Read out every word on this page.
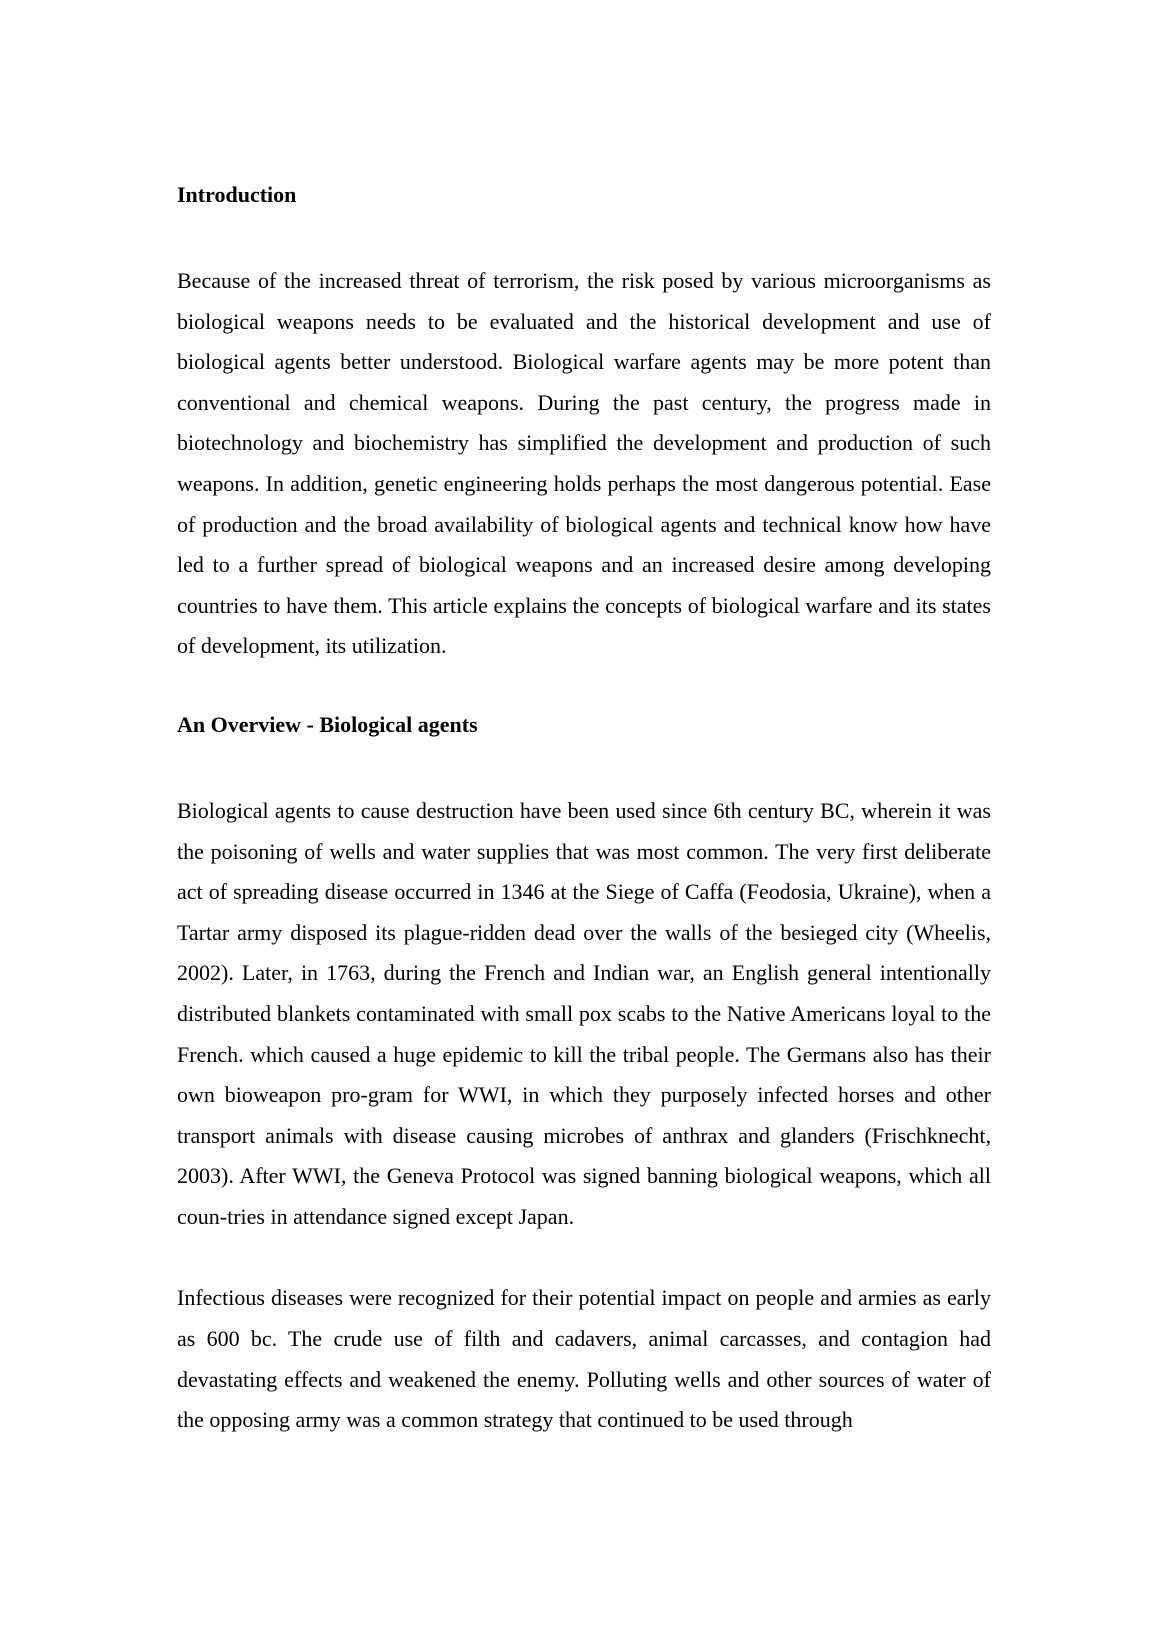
Introduction

Because of the increased threat of terrorism, the risk posed by various microorganisms as biological weapons needs to be evaluated and the historical development and use of biological agents better understood. Biological warfare agents may be more potent than conventional and chemical weapons. During the past century, the progress made in biotechnology and biochemistry has simplified the development and production of such weapons. In addition, genetic engineering holds perhaps the most dangerous potential. Ease of production and the broad availability of biological agents and technical know how have led to a further spread of biological weapons and an increased desire among developing countries to have them. This article explains the concepts of biological warfare and its states of development, its utilization.

An Overview - Biological agents

Biological agents to cause destruction have been used since 6th century BC, wherein it was the poisoning of wells and water supplies that was most common. The very first deliberate act of spreading disease occurred in 1346 at the Siege of Caffa (Feodosia, Ukraine), when a Tartar army disposed its plague-ridden dead over the walls of the besieged city (Wheelis, 2002). Later, in 1763, during the French and Indian war, an English general intentionally distributed blankets contaminated with small pox scabs to the Native Americans loyal to the French. which caused a huge epidemic to kill the tribal people. The Germans also has their own bioweapon pro-gram for WWI, in which they purposely infected horses and other transport animals with disease causing microbes of anthrax and glanders (Frischknecht, 2003). After WWI, the Geneva Protocol was signed banning biological weapons, which all coun-tries in attendance signed except Japan.

Infectious diseases were recognized for their potential impact on people and armies as early as 600 bc. The crude use of filth and cadavers, animal carcasses, and contagion had devastating effects and weakened the enemy. Polluting wells and other sources of water of the opposing army was a common strategy that continued to be used through
